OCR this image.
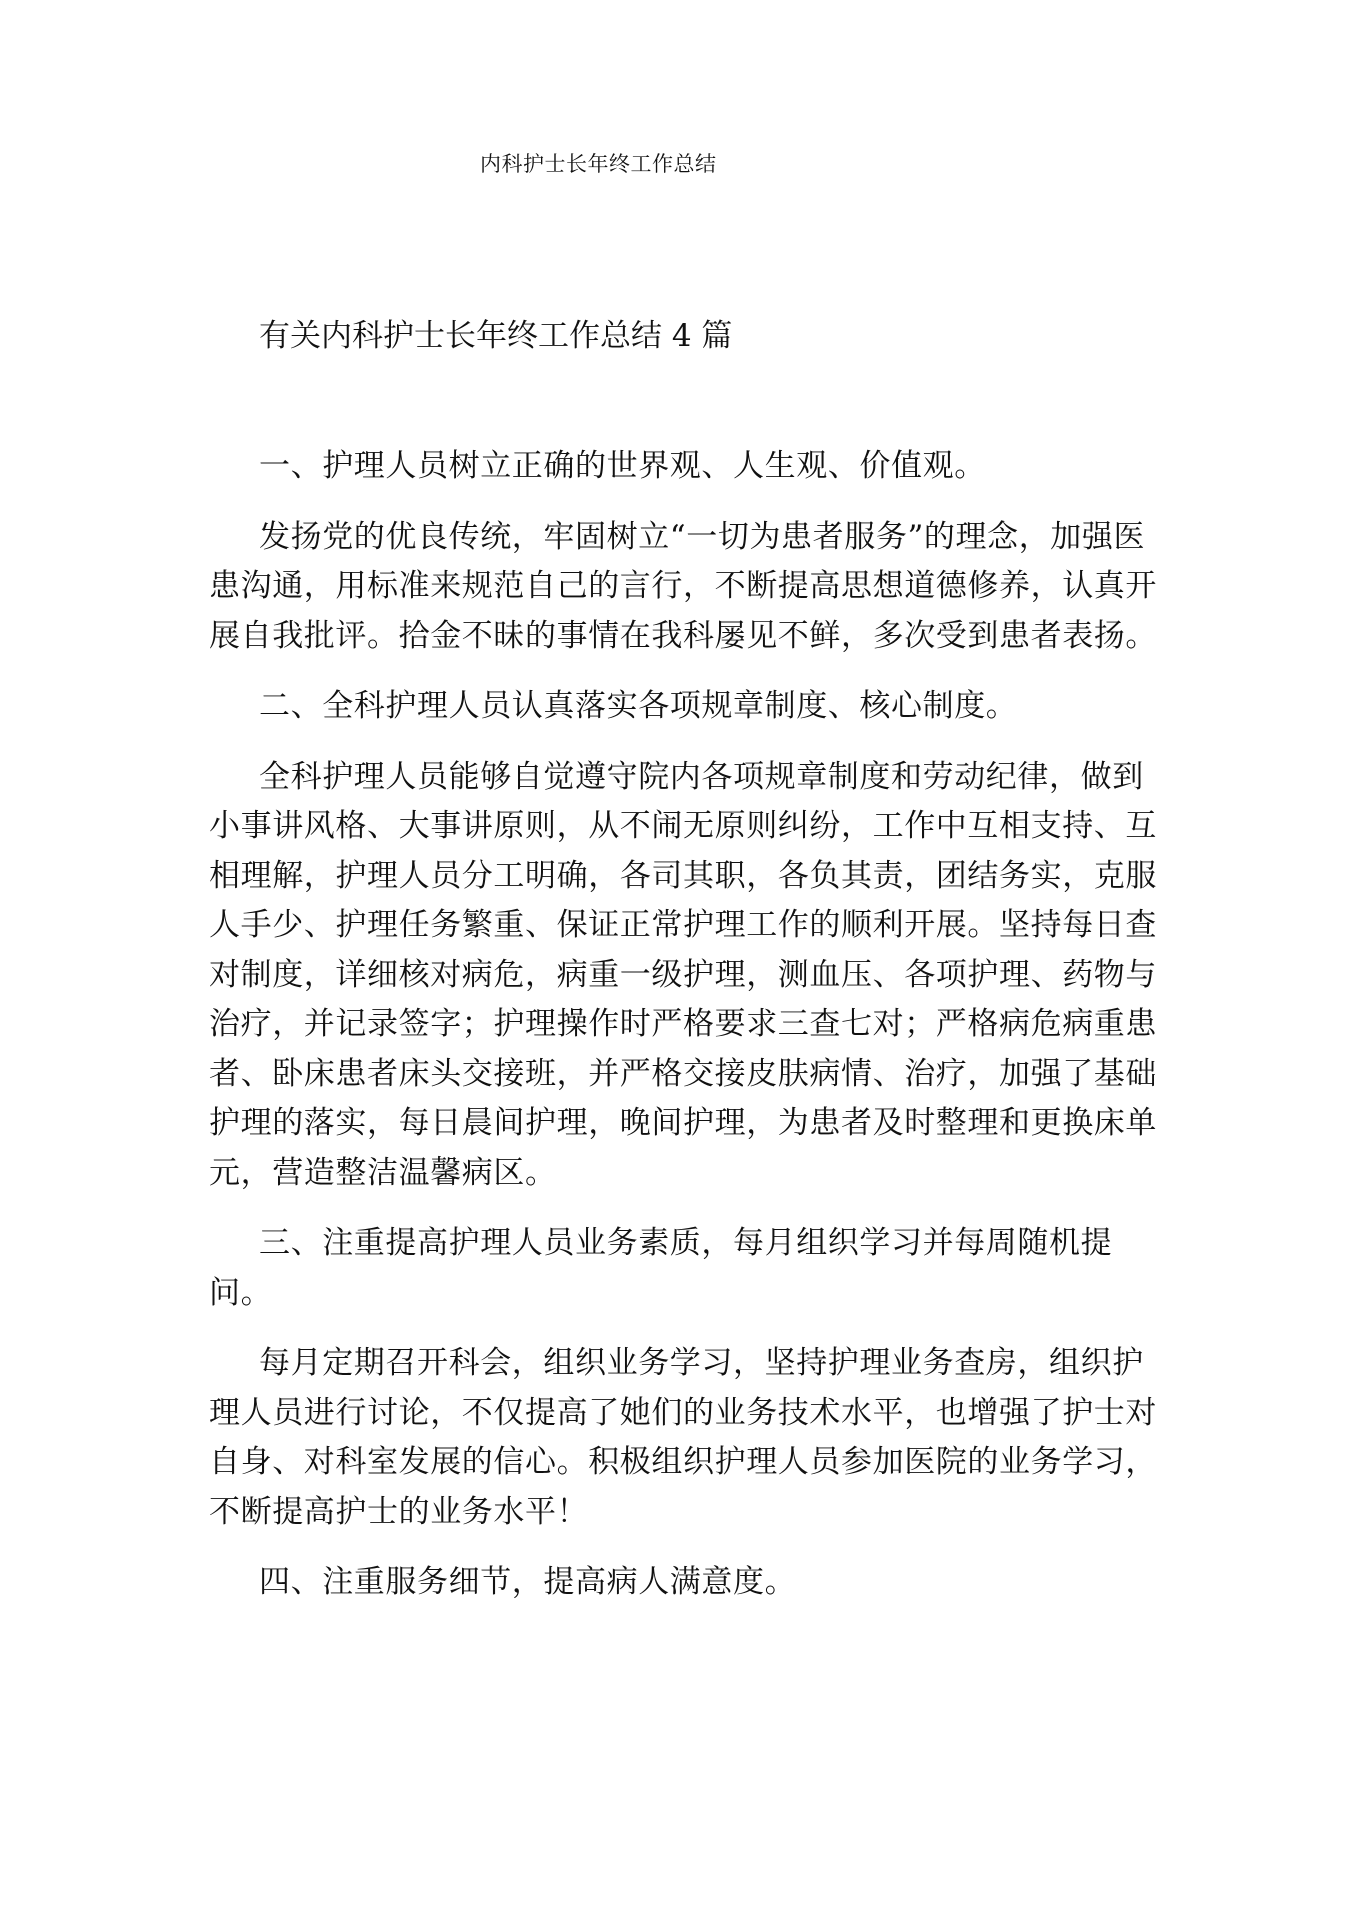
内科护士长年终工作总结
有关内科护士长年终工作总结 4 篇

一、护理人员树立正确的世界观、人生观、价值观。

发扬党的优良传统，牢固树立“一切为患者服务”的理念，加强医患沟通，用标准来规范自己的言行，不断提高思想道德修养，认真开展自我批评。拾金不昧的事情在我科屡见不鲜，多次受到患者表扬。

二、全科护理人员认真落实各项规章制度、核心制度。

全科护理人员能够自觉遵守院内各项规章制度和劳动纪律，做到小事讲风格、大事讲原则，从不闹无原则纠纷，工作中互相支持、互相理解，护理人员分工明确，各司其职，各负其责，团结务实，克服人手少、护理任务繁重、保证正常护理工作的顺利开展。坚持每日查对制度，详细核对病危，病重一级护理，测血压、各项护理、药物与治疗，并记录签字；护理操作时严格要求三查七对；严格病危病重患者、卧床患者床头交接班，并严格交接皮肤病情、治疗，加强了基础护理的落实，每日晨间护理，晚间护理，为患者及时整理和更换床单元，营造整洁温馨病区。

三、注重提高护理人员业务素质，每月组织学习并每周随机提问。

每月定期召开科会，组织业务学习，坚持护理业务查房，组织护理人员进行讨论，不仅提高了她们的业务技术水平，也增强了护士对自身、对科室发展的信心。积极组织护理人员参加医院的业务学习，不断提高护士的业务水平！

四、注重服务细节，提高病人满意度。
